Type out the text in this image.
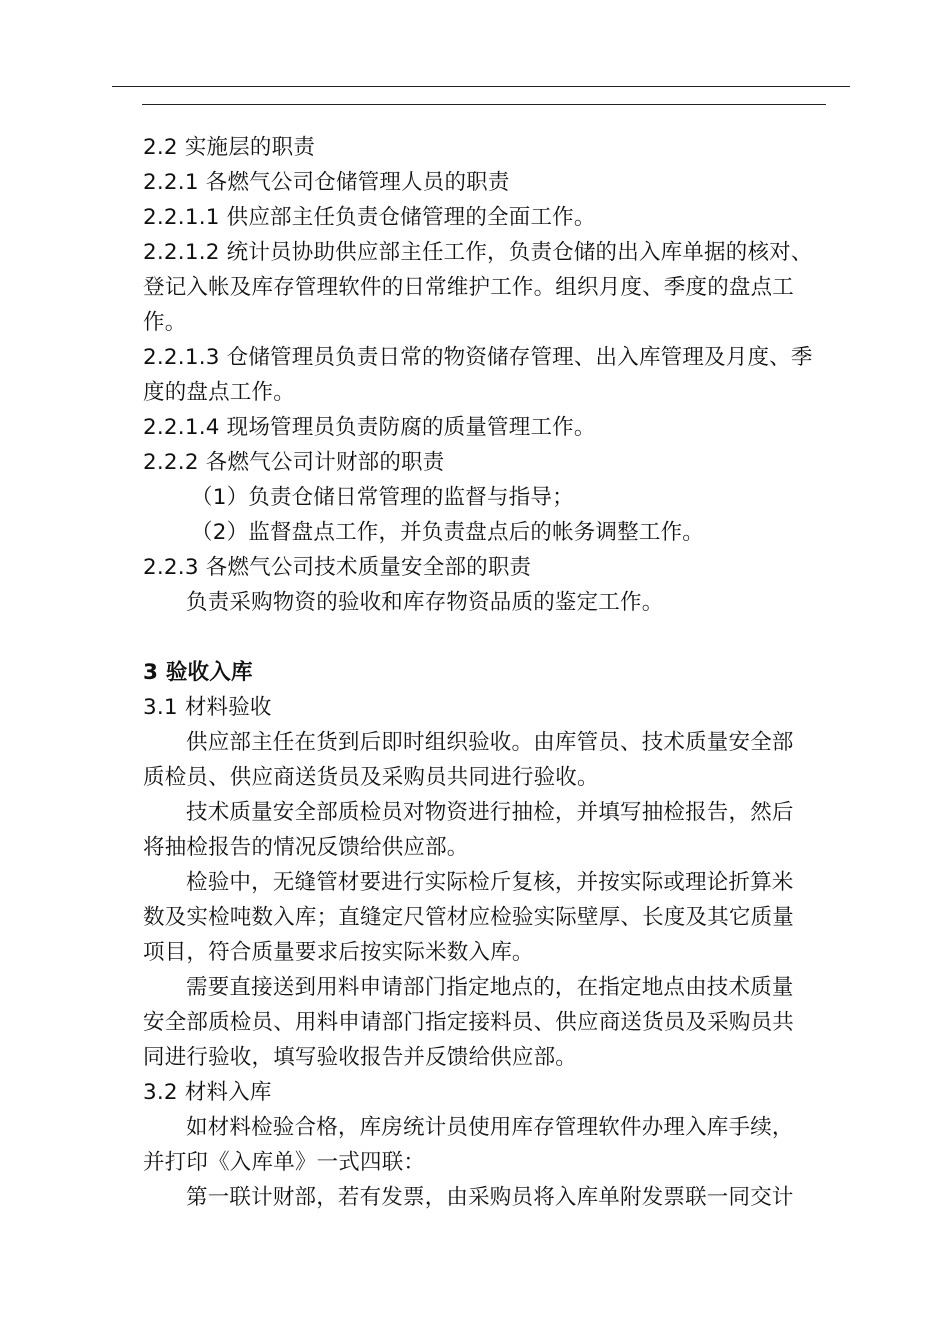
2.2 实施层的职责
2.2.1 各燃气公司仓储管理人员的职责
2.2.1.1 供应部主任负责仓储管理的全面工作。
2.2.1.2 统计员协助供应部主任工作，负责仓储的出入库单据的核对、
登记入帐及库存管理软件的日常维护工作。组织月度、季度的盘点工
作。
2.2.1.3 仓储管理员负责日常的物资储存管理、出入库管理及月度、季
度的盘点工作。
2.2.1.4 现场管理员负责防腐的质量管理工作。
2.2.2 各燃气公司计财部的职责
（1）负责仓储日常管理的监督与指导；
（2）监督盘点工作，并负责盘点后的帐务调整工作。
2.2.3 各燃气公司技术质量安全部的职责
负责采购物资的验收和库存物资品质的鉴定工作。
3 验收入库
3.1 材料验收
供应部主任在货到后即时组织验收。由库管员、技术质量安全部
质检员、供应商送货员及采购员共同进行验收。
技术质量安全部质检员对物资进行抽检，并填写抽检报告，然后
将抽检报告的情况反馈给供应部。
检验中，无缝管材要进行实际检斤复核，并按实际或理论折算米
数及实检吨数入库；直缝定尺管材应检验实际壁厚、长度及其它质量
项目，符合质量要求后按实际米数入库。
需要直接送到用料申请部门指定地点的，在指定地点由技术质量
安全部质检员、用料申请部门指定接料员、供应商送货员及采购员共
同进行验收，填写验收报告并反馈给供应部。
3.2 材料入库
如材料检验合格，库房统计员使用库存管理软件办理入库手续，
并打印《入库单》一式四联：
第一联计财部，若有发票，由采购员将入库单附发票联一同交计
